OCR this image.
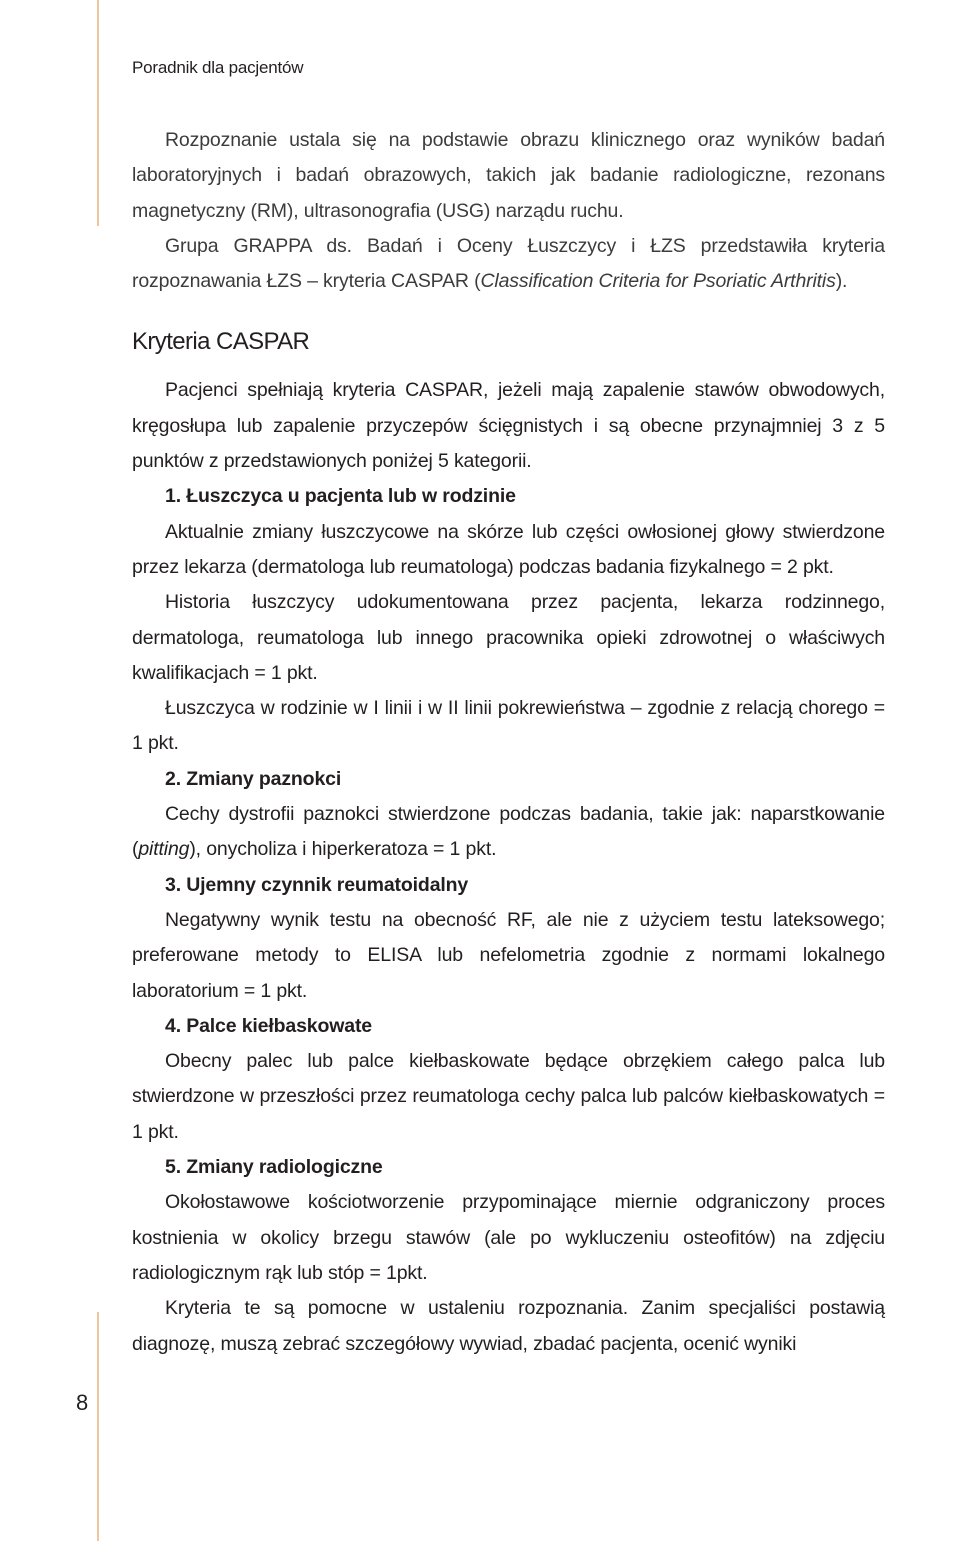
Poradnik dla pacjentów

Rozpoznanie ustala się na podstawie obrazu klinicznego oraz wyników badań laboratoryjnych i badań obrazowych, takich jak badanie radiologiczne, rezonans magnetyczny (RM), ultrasonografia (USG) narządu ruchu.

Grupa GRAPPA ds. Badań i Oceny Łuszczycy i ŁZS przedstawiła kryteria rozpoznawania ŁZS – kryteria CASPAR (Classification Criteria for Psoriatic Arthritis).

Kryteria CASPAR

Pacjenci spełniają kryteria CASPAR, jeżeli mają zapalenie stawów obwodowych, kręgosłupa lub zapalenie przyczepów ścięgnistych i są obecne przynajmniej 3 z 5 punktów z przedstawionych poniżej 5 kategorii.

1. Łuszczyca u pacjenta lub w rodzinie

Aktualnie zmiany łuszczycowe na skórze lub części owłosionej głowy stwierdzone przez lekarza (dermatologa lub reumatologa) podczas badania fizykalnego = 2 pkt.

Historia łuszczycy udokumentowana przez pacjenta, lekarza rodzinnego, dermatologa, reumatologa lub innego pracownika opieki zdrowotnej o właściwych kwalifikacjach = 1 pkt.

Łuszczyca w rodzinie w I linii i w II linii pokrewieństwa – zgodnie z relacją chorego = 1 pkt.

2. Zmiany paznokci

Cechy dystrofii paznokci stwierdzone podczas badania, takie jak: naparstkowanie (pitting), onycholiza i hiperkeratoza = 1 pkt.

3. Ujemny czynnik reumatoidalny

Negatywny wynik testu na obecność RF, ale nie z użyciem testu lateksowego; preferowane metody to ELISA lub nefelometria zgodnie z normami lokalnego laboratorium = 1 pkt.

4. Palce kiełbaskowate

Obecny palec lub palce kiełbaskowate będące obrzękiem całego palca lub stwierdzone w przeszłości przez reumatologa cechy palca lub palców kiełbaskowatych = 1 pkt.

5. Zmiany radiologiczne

Okołostawowe kościotworzenie przypominające miernie odgraniczony proces kostnienia w okolicy brzegu stawów (ale po wykluczeniu osteofitów) na zdjęciu radiologicznym rąk lub stóp = 1pkt.

Kryteria te są pomocne w ustaleniu rozpoznania. Zanim specjaliści postawią diagnozę, muszą zebrać szczegółowy wywiad, zbadać pacjenta, ocenić wyniki

8
